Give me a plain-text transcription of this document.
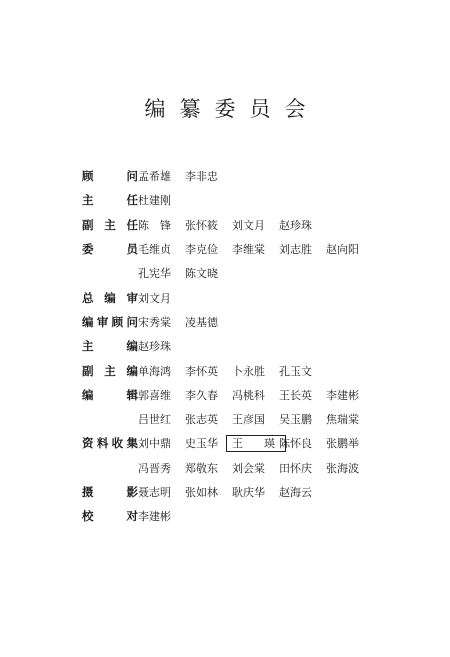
编纂委员会
顾	问 孟希雄	李非忠
主	任 杜建刚
副 主 任 陈　锋	张怀筱	刘文月	赵珍珠
委	员 毛维贞	李克俭	李维棠	刘志胜	赵向阳
孔宪华	陈文晓
总 编 审 刘文月
编 审 顾 问 宋秀棠	凌基德
主	编 赵珍珠
副 主 编 单海鸿	李怀英	卜永胜	孔玉文
编	辑 郭喜维	李久春	冯桃科	王长英	李建彬
吕世红	张志英	王彦国	吴玉鹏	焦瑞棠
资 料 收 集 刘中鼎	史玉华	王　瑛 陈怀良	张鹏举
冯晋秀	郑敬东	刘会棠	田怀庆	张海波
摄	影 聂志明	张如林	耿庆华	赵海云
校	对 李建彬
